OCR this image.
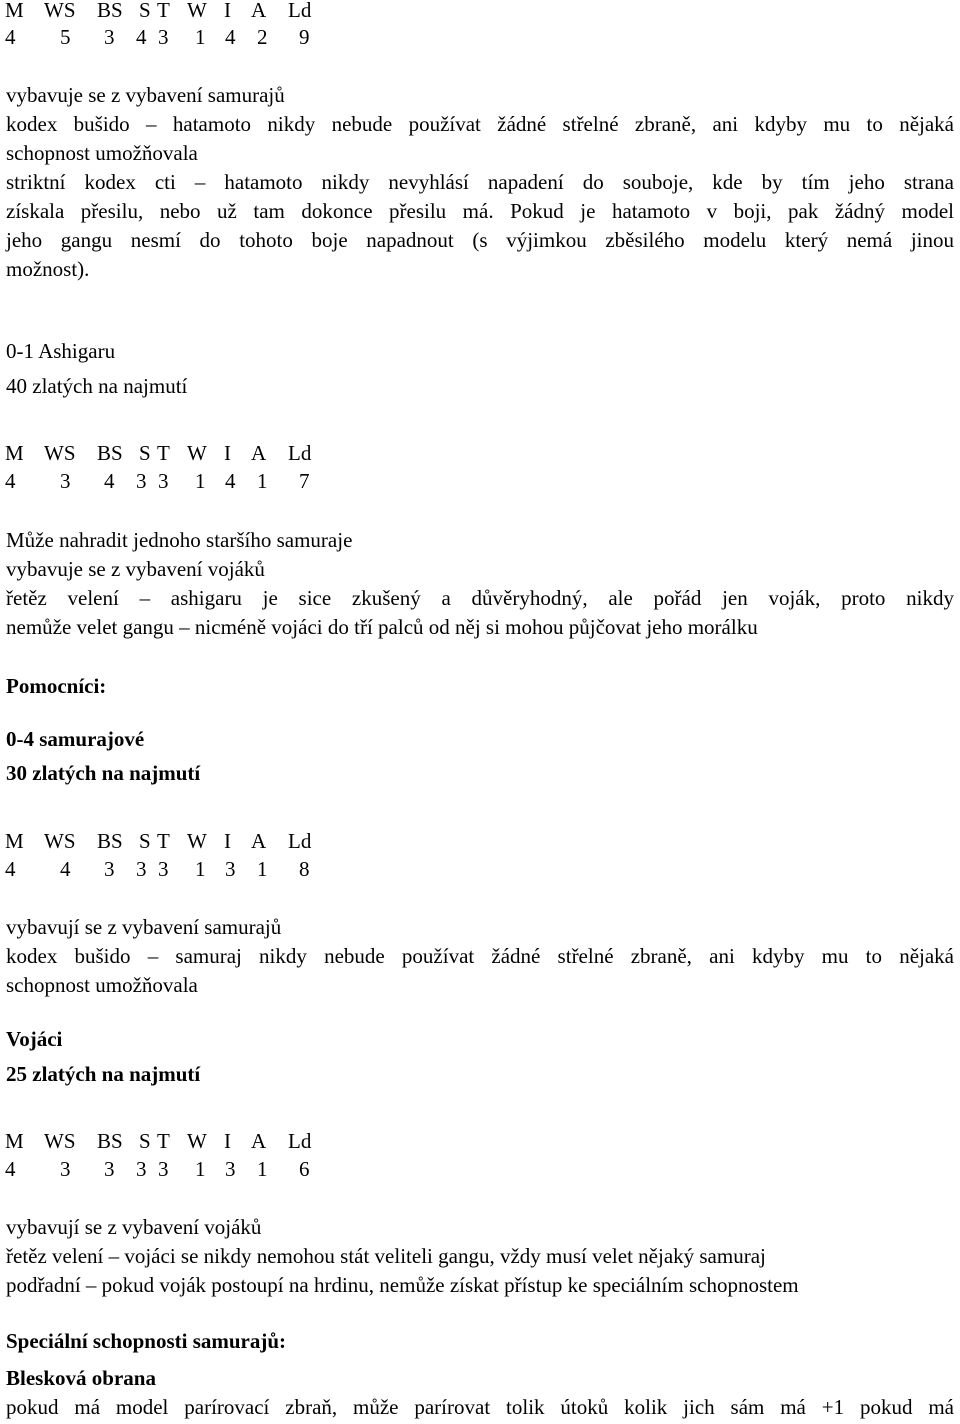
M WS BS S T W I A Ld
4 5 3 4 3 1 4 2 9
vybavuje se z vybavení samurajů
kodex bušido – hatamoto nikdy nebude používat žádné střelné zbraně, ani kdyby mu to nějaká
schopnost umožňovala
striktní kodex cti – hatamoto nikdy nevyhlásí napadení do souboje, kde by tím jeho strana
získala přesilu, nebo už tam dokonce přesilu má. Pokud je hatamoto v boji, pak žádný model
jeho gangu nesmí do tohoto boje napadnout (s výjimkou zběsilého modelu který nemá jinou
možnost).
0-1 Ashigaru
40 zlatých na najmutí
M WS BS S T W I A Ld
4 3 4 3 3 1 4 1 7
Může nahradit jednoho staršího samuraje
vybavuje se z vybavení vojáků
řetěz velení – ashigaru je sice zkušený a důvěryhodný, ale pořád jen voják, proto nikdy
nemůže velet gangu – nicméně vojáci do tří palců od něj si mohou půjčovat jeho morálku
Pomocníci:
0-4 samurajové
30 zlatých na najmutí
M WS BS S T W I A Ld
4 4 3 3 3 1 3 1 8
vybavují se z vybavení samurajů
kodex bušido – samuraj nikdy nebude používat žádné střelné zbraně, ani kdyby mu to nějaká
schopnost umožňovala
Vojáci
25 zlatých na najmutí
M WS BS S T W I A Ld
4 3 3 3 3 1 3 1 6
vybavují se z vybavení vojáků
řetěz velení – vojáci se nikdy nemohou stát veliteli gangu, vždy musí velet nějaký samuraj
podřadní – pokud voják postoupí na hrdinu, nemůže získat přístup ke speciálním schopnostem
Speciální schopnosti samurajů:
Blesková obrana
pokud má model parírovací zbraň, může parírovat tolik útoků kolik jich sám má +1 pokud má
